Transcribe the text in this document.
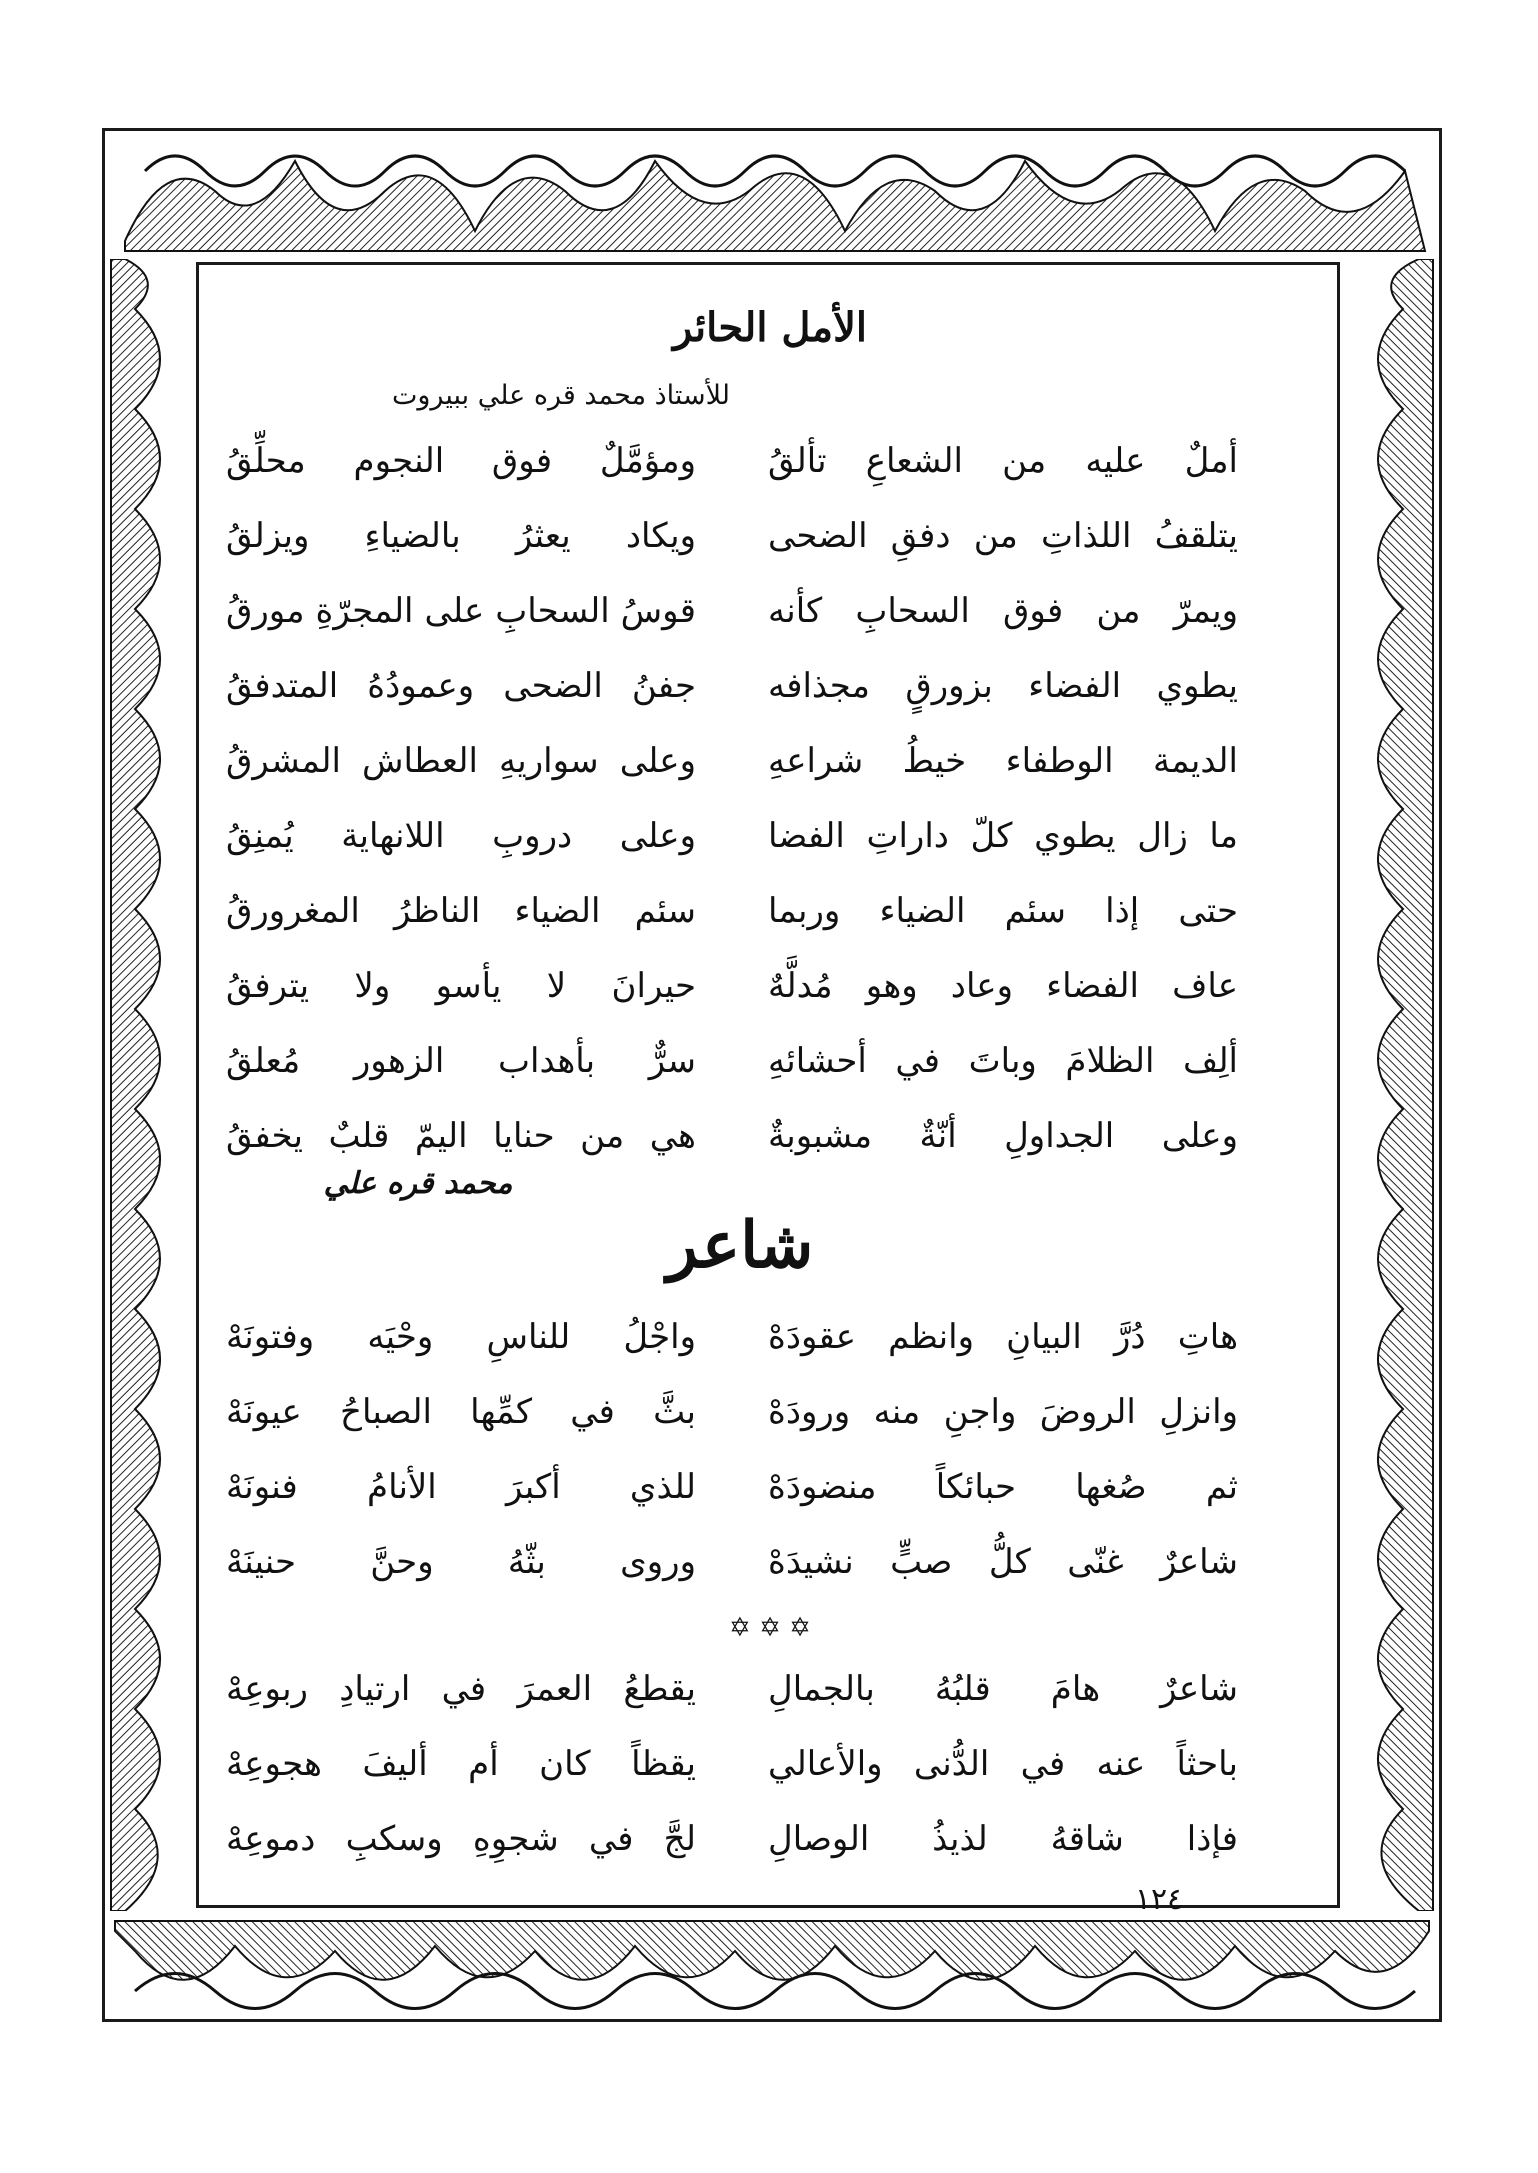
الأمل الحائر
للأستاذ محمد قره علي ببيروت
أملٌ عليه من الشعاعِ تألقُ
ومؤمَّلٌ فوق النجوم محلِّقُ
يتلقفُ اللذاتِ من دفقِ الضحى
ويكاد يعثرُ بالضياءِ ويزلقُ
ويمرّ من فوق السحابِ كأنه
قوسُ السحابِ على المجرّةِ مورقُ
يطوي الفضاء بزورقٍ مجذافه
جفنُ الضحى وعمودُهُ المتدفقُ
الديمة الوطفاء خيطُ شراعهِ
وعلى سواريهِ العطاش المشرقُ
ما زال يطوي كلّ داراتِ الفضا
وعلى دروبِ اللانهاية يُمنِقُ
حتى إذا سئم الضياء وربما
سئم الضياء الناظرُ المغرورقُ
عاف الفضاء وعاد وهو مُدلَّهٌ
حيرانَ لا يأسو ولا يترفقُ
ألِف الظلامَ وباتَ في أحشائهِ
سرٌّ بأهداب الزهور مُعلقُ
وعلى الجداولِ أنّةٌ مشبوبةٌ
هي من حنايا اليمّ قلبٌ يخفقُ
محمد قره علي
شاعر
هاتِ دُرَّ البيانِ وانظم عقودَهْ
واجْلُ للناسِ وحْيَه وفتونَهْ
وانزلِ الروضَ واجنِ منه ورودَهْ
بثَّ في كمِّها الصباحُ عيونَهْ
ثم صُغها حبائكاً منضودَهْ
للذي أكبرَ الأنامُ فنونَهْ
شاعرٌ غنّى كلُّ صبٍّ نشيدَهْ
وروى بثّهُ وحنَّ حنينَهْ
✡ ✡ ✡
شاعرٌ هامَ قلبُهُ بالجمالِ
يقطعُ العمرَ في ارتيادِ ربوعِهْ
باحثاً عنه في الدُّنى والأعالي
يقظاً كان أم أليفَ هجوعِهْ
فإذا شاقهُ لذيذُ الوصالِ
لجَّ في شجوِهِ وسكبِ دموعِهْ
١٢٤
